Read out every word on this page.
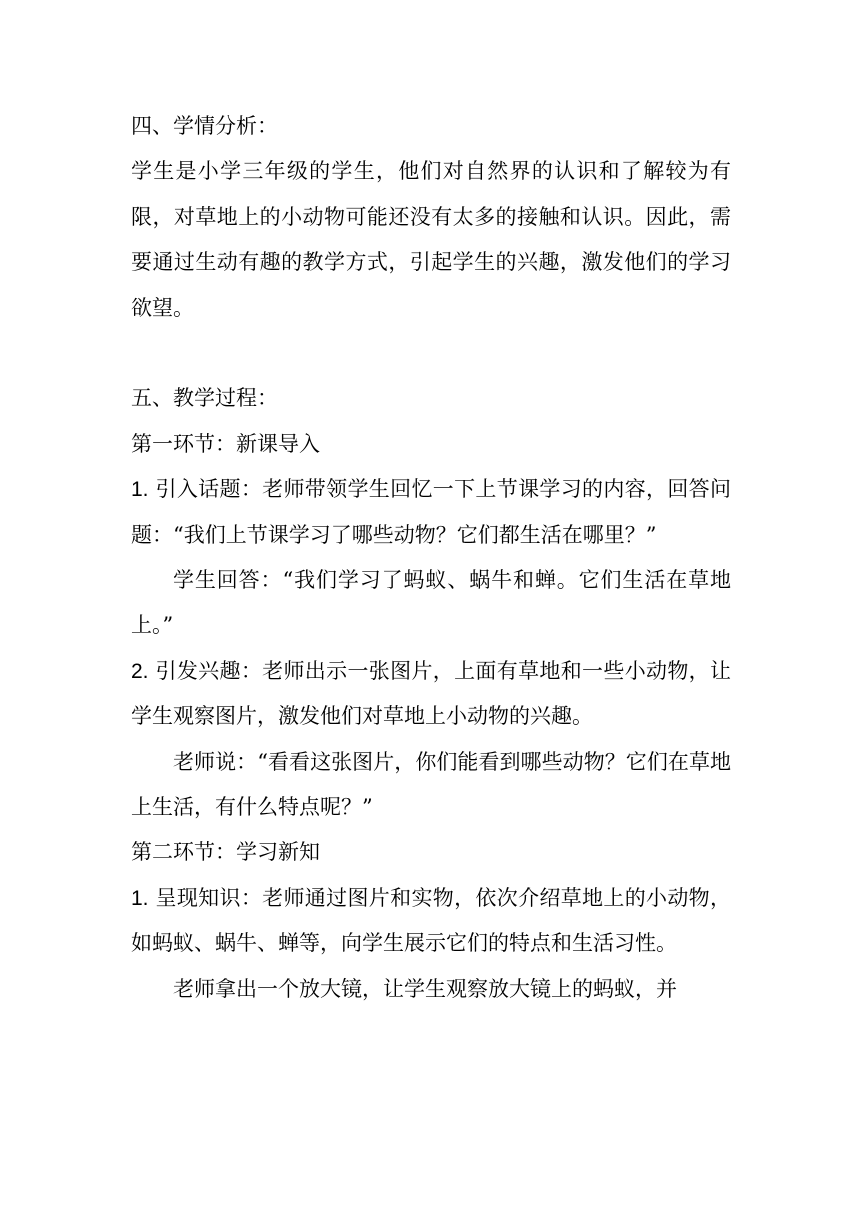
四、学情分析：

学生是小学三年级的学生，他们对自然界的认识和了解较为有限，对草地上的小动物可能还没有太多的接触和认识。因此，需要通过生动有趣的教学方式，引起学生的兴趣，激发他们的学习欲望。

五、教学过程：

第一环节：新课导入

1. 引入话题：老师带领学生回忆一下上节课学习的内容，回答问题：“我们上节课学习了哪些动物？它们都生活在哪里？”

学生回答：“我们学习了蚂蚁、蜗牛和蝉。它们生活在草地上。”

2. 引发兴趣：老师出示一张图片，上面有草地和一些小动物，让学生观察图片，激发他们对草地上小动物的兴趣。

老师说：“看看这张图片，你们能看到哪些动物？它们在草地上生活，有什么特点呢？”

第二环节：学习新知

1. 呈现知识：老师通过图片和实物，依次介绍草地上的小动物，如蚂蚁、蜗牛、蝉等，向学生展示它们的特点和生活习性。

老师拿出一个放大镜，让学生观察放大镜上的蚂蚁，并
